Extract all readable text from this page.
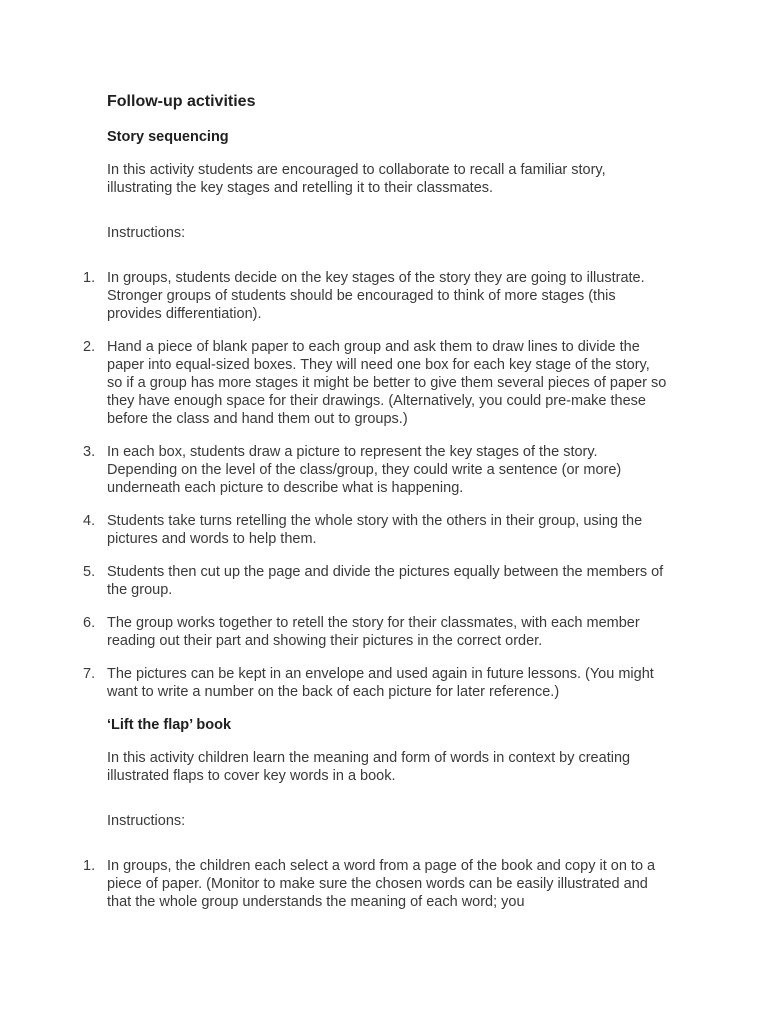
Follow-up activities
Story sequencing

In this activity students are encouraged to collaborate to recall a familiar story, illustrating the key stages and retelling it to their classmates.

Instructions:

1. In groups, students decide on the key stages of the story they are going to illustrate. Stronger groups of students should be encouraged to think of more stages (this provides differentiation).
2. Hand a piece of blank paper to each group and ask them to draw lines to divide the paper into equal-sized boxes. They will need one box for each key stage of the story, so if a group has more stages it might be better to give them several pieces of paper so they have enough space for their drawings. (Alternatively, you could pre-make these before the class and hand them out to groups.)
3. In each box, students draw a picture to represent the key stages of the story. Depending on the level of the class/group, they could write a sentence (or more) underneath each picture to describe what is happening.
4. Students take turns retelling the whole story with the others in their group, using the pictures and words to help them.
5. Students then cut up the page and divide the pictures equally between the members of the group.
6. The group works together to retell the story for their classmates, with each member reading out their part and showing their pictures in the correct order.
7. The pictures can be kept in an envelope and used again in future lessons. (You might want to write a number on the back of each picture for later reference.)
‘Lift the flap’ book

In this activity children learn the meaning and form of words in context by creating illustrated flaps to cover key words in a book.

Instructions:

1. In groups, the children each select a word from a page of the book and copy it on to a piece of paper. (Monitor to make sure the chosen words can be easily illustrated and that the whole group understands the meaning of each word; you
